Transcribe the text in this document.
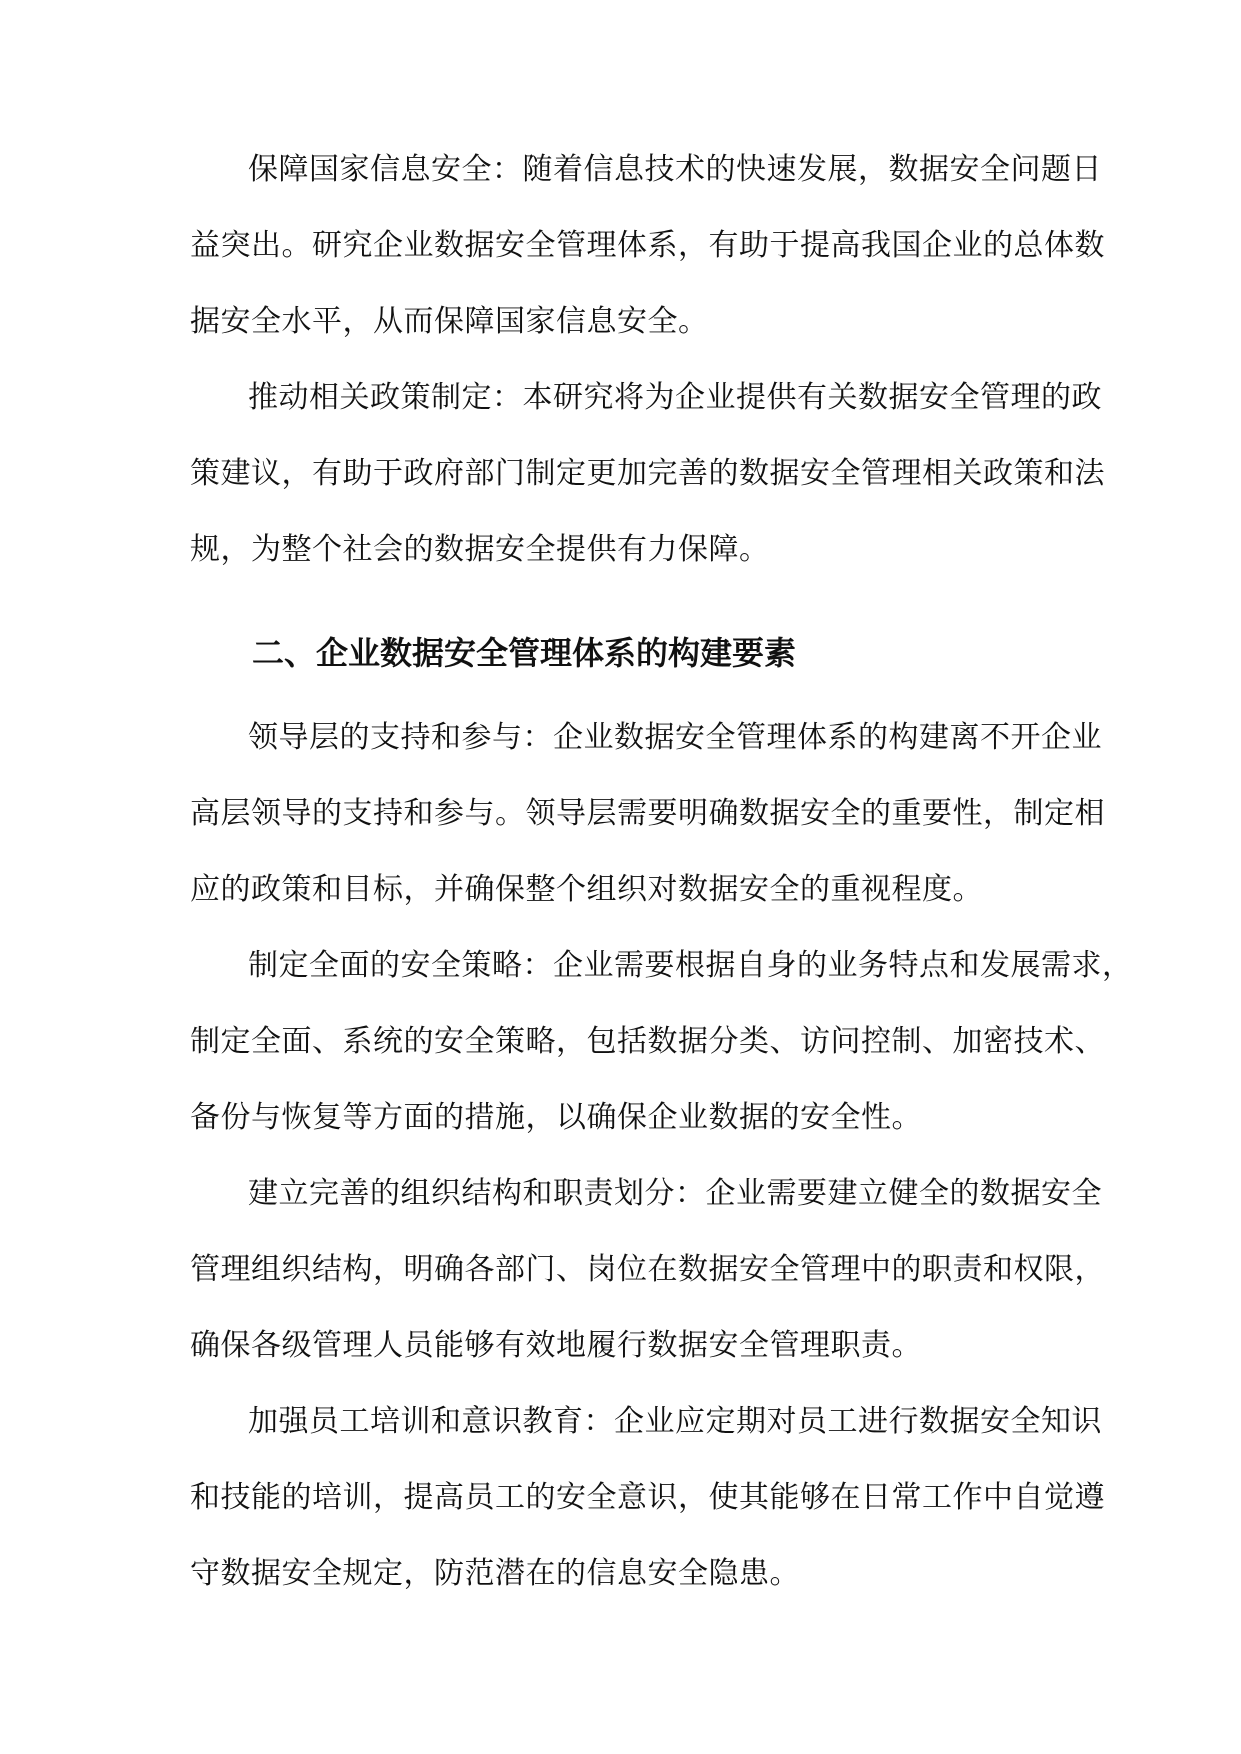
保障国家信息安全：随着信息技术的快速发展，数据安全问题日
益突出。研究企业数据安全管理体系，有助于提高我国企业的总体数
据安全水平，从而保障国家信息安全。
推动相关政策制定：本研究将为企业提供有关数据安全管理的政
策建议，有助于政府部门制定更加完善的数据安全管理相关政策和法
规，为整个社会的数据安全提供有力保障。
二、企业数据安全管理体系的构建要素
领导层的支持和参与：企业数据安全管理体系的构建离不开企业
高层领导的支持和参与。领导层需要明确数据安全的重要性，制定相
应的政策和目标，并确保整个组织对数据安全的重视程度。
制定全面的安全策略：企业需要根据自身的业务特点和发展需求，
制定全面、系统的安全策略，包括数据分类、访问控制、加密技术、
备份与恢复等方面的措施，以确保企业数据的安全性。
建立完善的组织结构和职责划分：企业需要建立健全的数据安全
管理组织结构，明确各部门、岗位在数据安全管理中的职责和权限，
确保各级管理人员能够有效地履行数据安全管理职责。
加强员工培训和意识教育：企业应定期对员工进行数据安全知识
和技能的培训，提高员工的安全意识，使其能够在日常工作中自觉遵
守数据安全规定，防范潜在的信息安全隐患。
